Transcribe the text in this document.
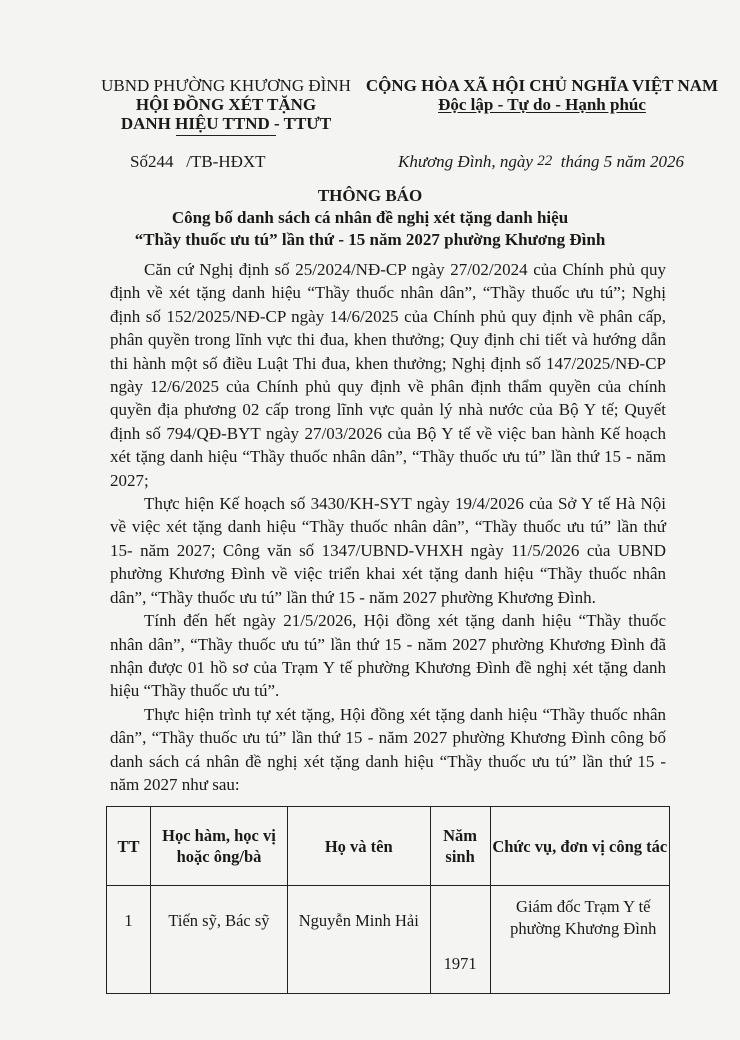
UBND PHƯỜNG KHƯƠNG ĐÌNH
HỘI ĐỒNG XÉT TẶNG
DANH HIỆU TTND - TTƯT
CỘNG HÒA XÃ HỘI CHỦ NGHĨA VIỆT NAM
Độc lập - Tự do - Hạnh phúc
Số244 /TB-HĐXT	Khương Đình, ngày 22 tháng 5 năm 2026
THÔNG BÁO
Công bố danh sách cá nhân đề nghị xét tặng danh hiệu
“Thầy thuốc ưu tú” lần thứ - 15 năm 2027 phường Khương Đình

Căn cứ Nghị định số 25/2024/NĐ-CP ngày 27/02/2024 của Chính phủ quy định về xét tặng danh hiệu “Thầy thuốc nhân dân”, “Thầy thuốc ưu tú”; Nghị định số 152/2025/NĐ-CP ngày 14/6/2025 của Chính phủ quy định về phân cấp, phân quyền trong lĩnh vực thi đua, khen thưởng; Quy định chi tiết và hướng dẫn thi hành một số điều Luật Thi đua, khen thưởng; Nghị định số 147/2025/NĐ-CP ngày 12/6/2025 của Chính phủ quy định về phân định thẩm quyền của chính quyền địa phương 02 cấp trong lĩnh vực quản lý nhà nước của Bộ Y tế; Quyết định số 794/QĐ-BYT ngày 27/03/2026 của Bộ Y tế về việc ban hành Kế hoạch xét tặng danh hiệu “Thầy thuốc nhân dân”, “Thầy thuốc ưu tú” lần thứ 15 - năm 2027;

Thực hiện Kế hoạch số 3430/KH-SYT ngày 19/4/2026 của Sở Y tế Hà Nội về việc xét tặng danh hiệu “Thầy thuốc nhân dân”, “Thầy thuốc ưu tú” lần thứ 15- năm 2027; Công văn số 1347/UBND-VHXH ngày 11/5/2026 của UBND phường Khương Đình về việc triển khai xét tặng danh hiệu “Thầy thuốc nhân dân”, “Thầy thuốc ưu tú” lần thứ 15 - năm 2027 phường Khương Đình.

Tính đến hết ngày 21/5/2026, Hội đồng xét tặng danh hiệu “Thầy thuốc nhân dân”, “Thầy thuốc ưu tú” lần thứ 15 - năm 2027 phường Khương Đình đã nhận được 01 hồ sơ của Trạm Y tế phường Khương Đình đề nghị xét tặng danh hiệu “Thầy thuốc ưu tú”.

Thực hiện trình tự xét tặng, Hội đồng xét tặng danh hiệu “Thầy thuốc nhân dân”, “Thầy thuốc ưu tú” lần thứ 15 - năm 2027 phường Khương Đình công bố danh sách cá nhân đề nghị xét tặng danh hiệu “Thầy thuốc ưu tú” lần thứ 15 - năm 2027 như sau:

TT	Học hàm, học vị hoặc ông/bà	Họ và tên	Năm sinh	Chức vụ, đơn vị công tác
1	Tiến sỹ, Bác sỹ	Nguyễn Minh Hải	1971	Giám đốc Trạm Y tế phường Khương Đình
